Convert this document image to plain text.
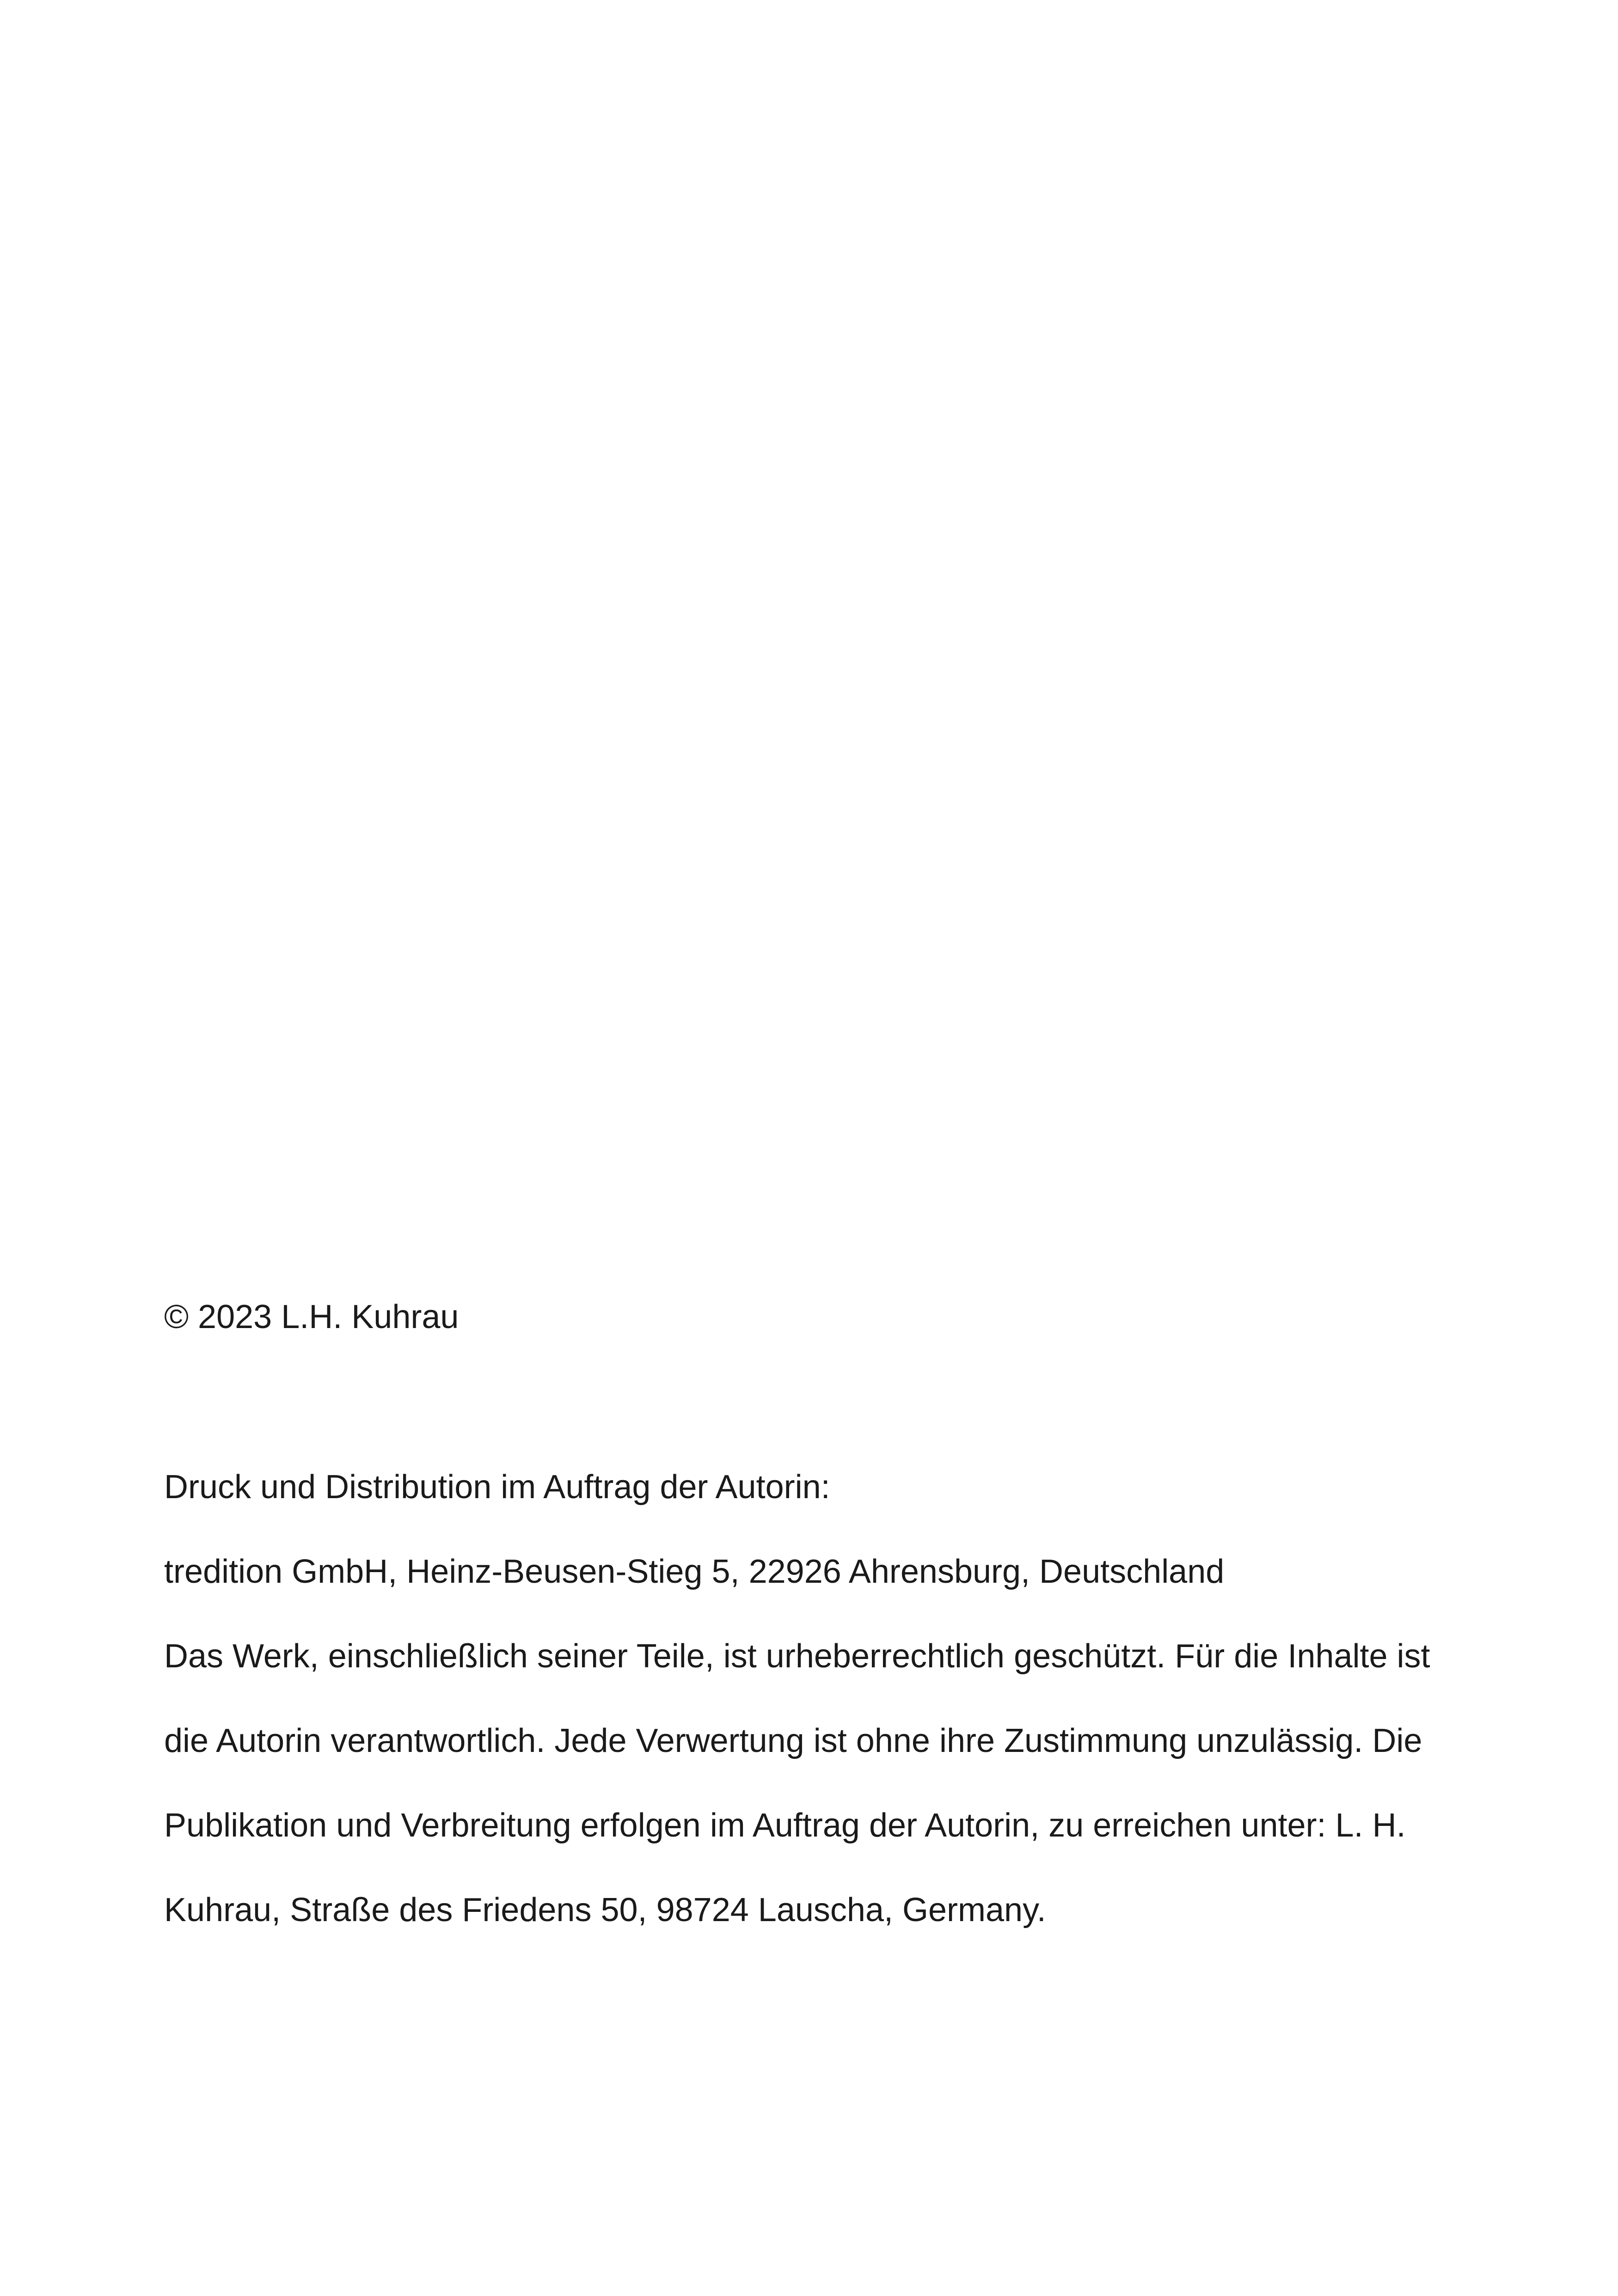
© 2023 L.H. Kuhrau

Druck und Distribution im Auftrag der Autorin:

tredition GmbH, Heinz-Beusen-Stieg 5, 22926 Ahrensburg, Deutschland

Das Werk, einschließlich seiner Teile, ist urheberrechtlich geschützt. Für die Inhalte ist

die Autorin verantwortlich. Jede Verwertung ist ohne ihre Zustimmung unzulässig. Die

Publikation und Verbreitung erfolgen im Auftrag der Autorin, zu erreichen unter: L. H.

Kuhrau, Straße des Friedens 50, 98724 Lauscha, Germany.
